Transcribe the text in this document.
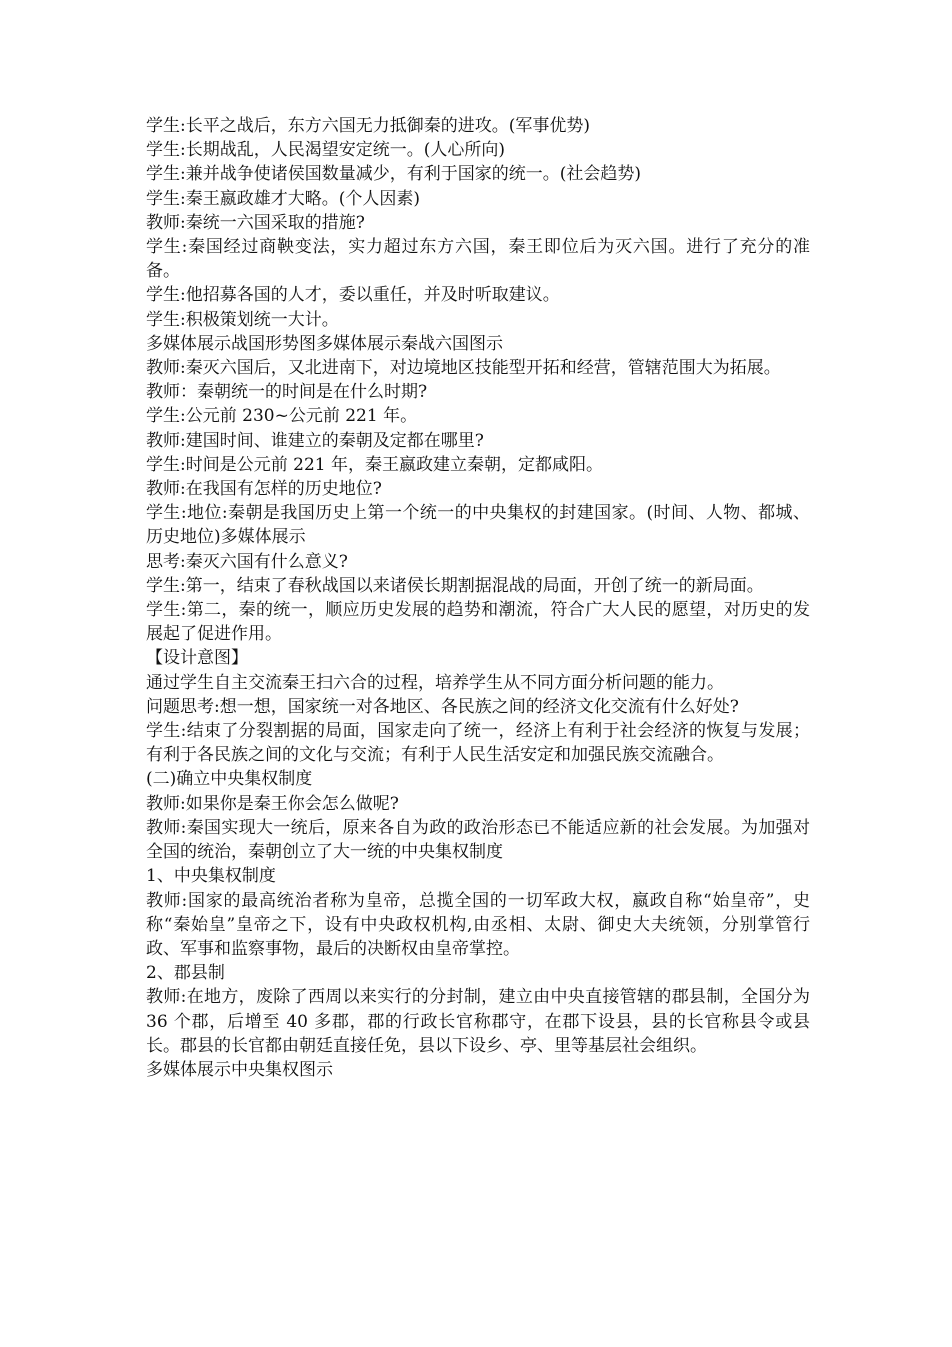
学生:长平之战后，东方六国无力抵御秦的进攻。(军事优势)

学生:长期战乱，人民渴望安定统一。(人心所向)

学生:兼并战争使诸侯国数量减少，有利于国家的统一。(社会趋势)

学生:秦王嬴政雄才大略。(个人因素)

教师:秦统一六国采取的措施?

学生:秦国经过商鞅变法，实力超过东方六国，秦王即位后为灭六国。进行了充分的准备。

学生:他招募各国的人才，委以重任，并及时听取建议。

学生:积极策划统一大计。

多媒体展示战国形势图多媒体展示秦战六国图示

教师:秦灭六国后，又北进南下，对边境地区技能型开拓和经营，管辖范围大为拓展。

教师：秦朝统一的时间是在什么时期?

学生:公元前 230~公元前 221 年。

教师:建国时间、谁建立的秦朝及定都在哪里?

学生:时间是公元前 221 年，秦王嬴政建立秦朝，定都咸阳。

教师:在我国有怎样的历史地位?

学生:地位:秦朝是我国历史上第一个统一的中央集权的封建国家。(时间、人物、都城、历史地位)多媒体展示

思考:秦灭六国有什么意义?

学生:第一，结束了春秋战国以来诸侯长期割据混战的局面，开创了统一的新局面。

学生:第二，秦的统一，顺应历史发展的趋势和潮流，符合广大人民的愿望，对历史的发展起了促进作用。

【设计意图】

通过学生自主交流秦王扫六合的过程，培养学生从不同方面分析问题的能力。

问题思考:想一想，国家统一对各地区、各民族之间的经济文化交流有什么好处?

学生:结束了分裂割据的局面，国家走向了统一，经济上有利于社会经济的恢复与发展；有利于各民族之间的文化与交流；有利于人民生活安定和加强民族交流融合。

(二)确立中央集权制度

教师:如果你是秦王你会怎么做呢?

教师:秦国实现大一统后，原来各自为政的政治形态已不能适应新的社会发展。为加强对全国的统治，秦朝创立了大一统的中央集权制度

1、中央集权制度

教师:国家的最高统治者称为皇帝，总揽全国的一切军政大权，嬴政自称“始皇帝”，史称“秦始皇”皇帝之下，设有中央政权机构,由丞相、太尉、御史大夫统领，分别掌管行政、军事和监察事物，最后的决断权由皇帝掌控。

2、郡县制

教师:在地方，废除了西周以来实行的分封制，建立由中央直接管辖的郡县制，全国分为 36 个郡，后增至 40 多郡，郡的行政长官称郡守，在郡下设县，县的长官称县令或县长。郡县的长官都由朝廷直接任免，县以下设乡、亭、里等基层社会组织。

多媒体展示中央集权图示
